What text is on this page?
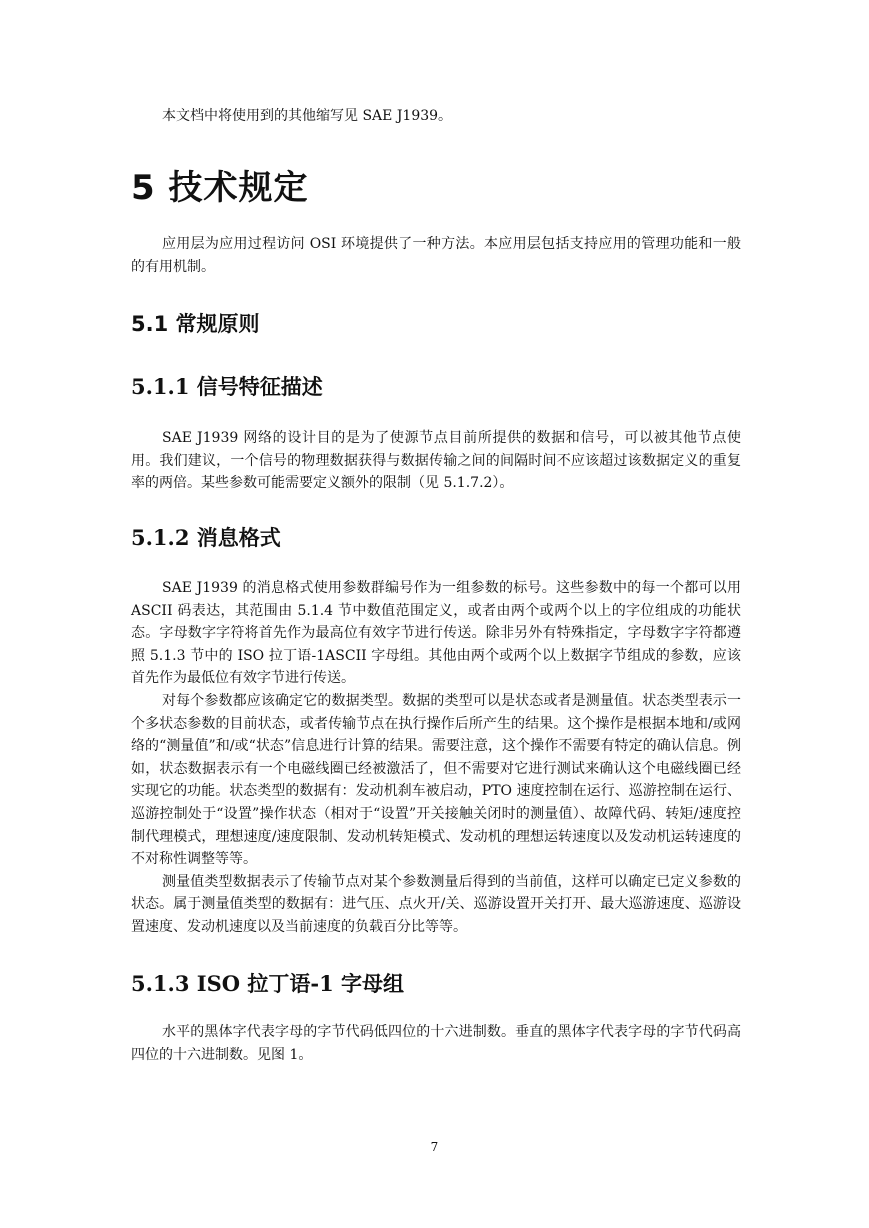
本文档中将使用到的其他缩写见 SAE J1939。

5 技术规定

应用层为应用过程访问 OSI 环境提供了一种方法。本应用层包括支持应用的管理功能和一般的有用机制。

5.1 常规原则
5.1.1 信号特征描述

SAE J1939 网络的设计目的是为了使源节点目前所提供的数据和信号，可以被其他节点使用。我们建议，一个信号的物理数据获得与数据传输之间的间隔时间不应该超过该数据定义的重复率的两倍。某些参数可能需要定义额外的限制（见 5.1.7.2）。

5.1.2 消息格式

SAE J1939 的消息格式使用参数群编号作为一组参数的标号。这些参数中的每一个都可以用 ASCII 码表达，其范围由 5.1.4 节中数值范围定义，或者由两个或两个以上的字位组成的功能状态。字母数字字符将首先作为最高位有效字节进行传送。除非另外有特殊指定，字母数字字符都遵照 5.1.3 节中的 ISO 拉丁语-1ASCII 字母组。其他由两个或两个以上数据字节组成的参数，应该首先作为最低位有效字节进行传送。

对每个参数都应该确定它的数据类型。数据的类型可以是状态或者是测量值。状态类型表示一个多状态参数的目前状态，或者传输节点在执行操作后所产生的结果。这个操作是根据本地和/或网络的“测量值”和/或“状态”信息进行计算的结果。需要注意，这个操作不需要有特定的确认信息。例如，状态数据表示有一个电磁线圈已经被激活了，但不需要对它进行测试来确认这个电磁线圈已经实现它的功能。状态类型的数据有：发动机刹车被启动，PTO 速度控制在运行、巡游控制在运行、巡游控制处于“设置”操作状态（相对于“设置”开关接触关闭时的测量值）、故障代码、转矩/速度控制代理模式，理想速度/速度限制、发动机转矩模式、发动机的理想运转速度以及发动机运转速度的不对称性调整等等。

测量值类型数据表示了传输节点对某个参数测量后得到的当前值，这样可以确定已定义参数的状态。属于测量值类型的数据有：进气压、点火开/关、巡游设置开关打开、最大巡游速度、巡游设置速度、发动机速度以及当前速度的负载百分比等等。

5.1.3 ISO 拉丁语-1 字母组

水平的黑体字代表字母的字节代码低四位的十六进制数。垂直的黑体字代表字母的字节代码高四位的十六进制数。见图 1。

7
